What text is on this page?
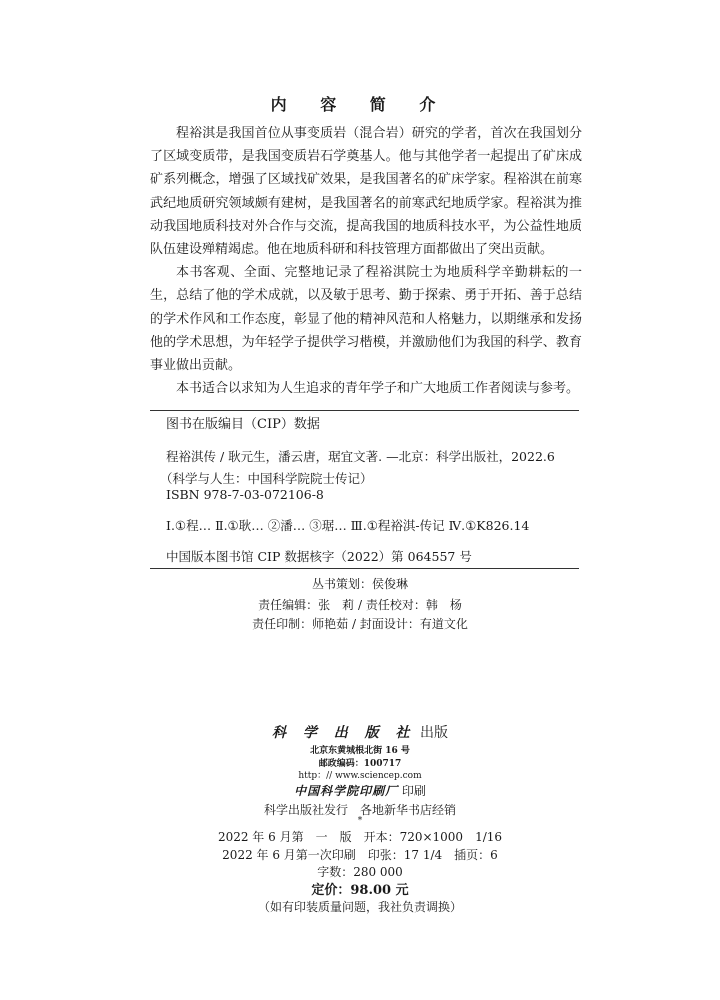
内 容 简 介

程裕淇是我国首位从事变质岩（混合岩）研究的学者，首次在我国划分了区域变质带，是我国变质岩石学奠基人。他与其他学者一起提出了矿床成矿系列概念，增强了区域找矿效果，是我国著名的矿床学家。程裕淇在前寒武纪地质研究领域颇有建树，是我国著名的前寒武纪地质学家。程裕淇为推动我国地质科技对外合作与交流，提高我国的地质科技水平，为公益性地质队伍建设殚精竭虑。他在地质科研和科技管理方面都做出了突出贡献。

本书客观、全面、完整地记录了程裕淇院士为地质科学辛勤耕耘的一生，总结了他的学术成就，以及敏于思考、勤于探索、勇于开拓、善于总结的学术作风和工作态度，彰显了他的精神风范和人格魅力，以期继承和发扬他的学术思想，为年轻学子提供学习楷模，并激励他们为我国的科学、教育事业做出贡献。

本书适合以求知为人生追求的青年学子和广大地质工作者阅读与参考。

图书在版编目（CIP）数据
程裕淇传 / 耿元生，潘云唐，琚宜文著. —北京：科学出版社，2022.6
（科学与人生：中国科学院院士传记）
ISBN 978-7-03-072106-8
Ⅰ.①程… Ⅱ.①耿… ②潘… ③琚… Ⅲ.①程裕淇-传记 Ⅳ.①K826.14
中国版本图书馆 CIP 数据核字（2022）第 064557 号
丛书策划：侯俊琳
责任编辑：张　莉 / 责任校对：韩　杨
责任印制：师艳茹 / 封面设计：有道文化
科 学 出 版 社 出版
北京东黄城根北街 16 号
邮政编码：100717
http：// www.sciencep.com
中国科学院印刷厂 印刷
科学出版社发行　各地新华书店经销
*
2022 年 6 月第　一　版　开本：720×1000　1/16
2022 年 6 月第一次印刷　印张：17 1/4　插页：6
字数：280 000
定价：98.00 元
（如有印装质量问题，我社负责调换）
